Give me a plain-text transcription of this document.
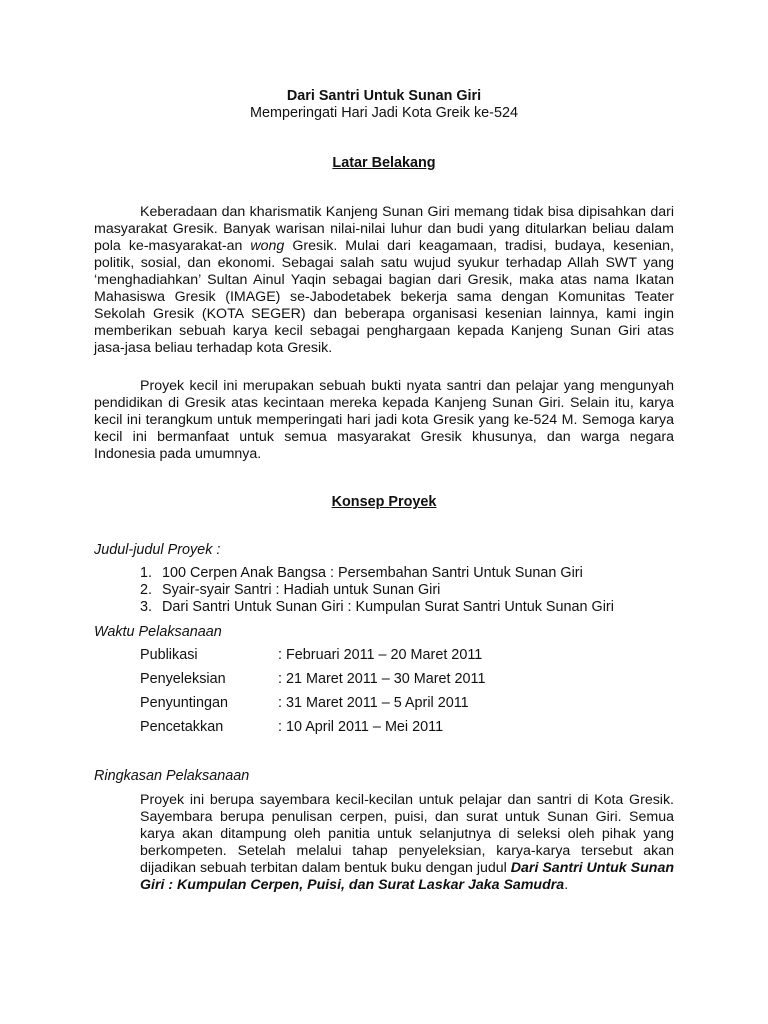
Dari Santri Untuk Sunan Giri
Memperingati Hari Jadi Kota Greik ke-524
Latar Belakang

Keberadaan dan kharismatik Kanjeng Sunan Giri memang tidak bisa dipisahkan dari masyarakat Gresik. Banyak warisan nilai-nilai luhur dan budi yang ditularkan beliau dalam pola ke-masyarakat-an wong Gresik. Mulai dari keagamaan, tradisi, budaya, kesenian, politik, sosial, dan ekonomi. Sebagai salah satu wujud syukur terhadap Allah SWT yang ‘menghadiahkan’ Sultan Ainul Yaqin sebagai bagian dari Gresik, maka atas nama Ikatan Mahasiswa Gresik (IMAGE) se-Jabodetabek bekerja sama dengan Komunitas Teater Sekolah Gresik (KOTA SEGER) dan beberapa organisasi kesenian lainnya, kami ingin memberikan sebuah karya kecil sebagai penghargaan kepada Kanjeng Sunan Giri atas jasa-jasa beliau terhadap kota Gresik.

Proyek kecil ini merupakan sebuah bukti nyata santri dan pelajar yang mengunyah pendidikan di Gresik atas kecintaan mereka kepada Kanjeng Sunan Giri. Selain itu, karya kecil ini terangkum untuk memperingati hari jadi kota Gresik yang ke-524 M. Semoga karya kecil ini bermanfaat untuk semua masyarakat Gresik khusunya, dan warga negara Indonesia pada umumnya.

Konsep Proyek
Judul-judul Proyek :
1. 100 Cerpen Anak Bangsa : Persembahan Santri Untuk Sunan Giri
2. Syair-syair Santri : Hadiah untuk Sunan Giri
3. Dari Santri Untuk Sunan Giri : Kumpulan Surat Santri Untuk Sunan Giri
Waktu Pelaksanaan
Publikasi	: Februari 2011 – 20 Maret 2011
Penyeleksian	: 21 Maret 2011 – 30 Maret 2011
Penyuntingan	: 31 Maret 2011 – 5 April 2011
Pencetakkan	: 10 April 2011 – Mei 2011
Ringkasan Pelaksanaan

Proyek ini berupa sayembara kecil-kecilan untuk pelajar dan santri di Kota Gresik. Sayembara berupa penulisan cerpen, puisi, dan surat untuk Sunan Giri. Semua karya akan ditampung oleh panitia untuk selanjutnya di seleksi oleh pihak yang berkompeten. Setelah melalui tahap penyeleksian, karya-karya tersebut akan dijadikan sebuah terbitan dalam bentuk buku dengan judul Dari Santri Untuk Sunan Giri : Kumpulan Cerpen, Puisi, dan Surat Laskar Jaka Samudra.
